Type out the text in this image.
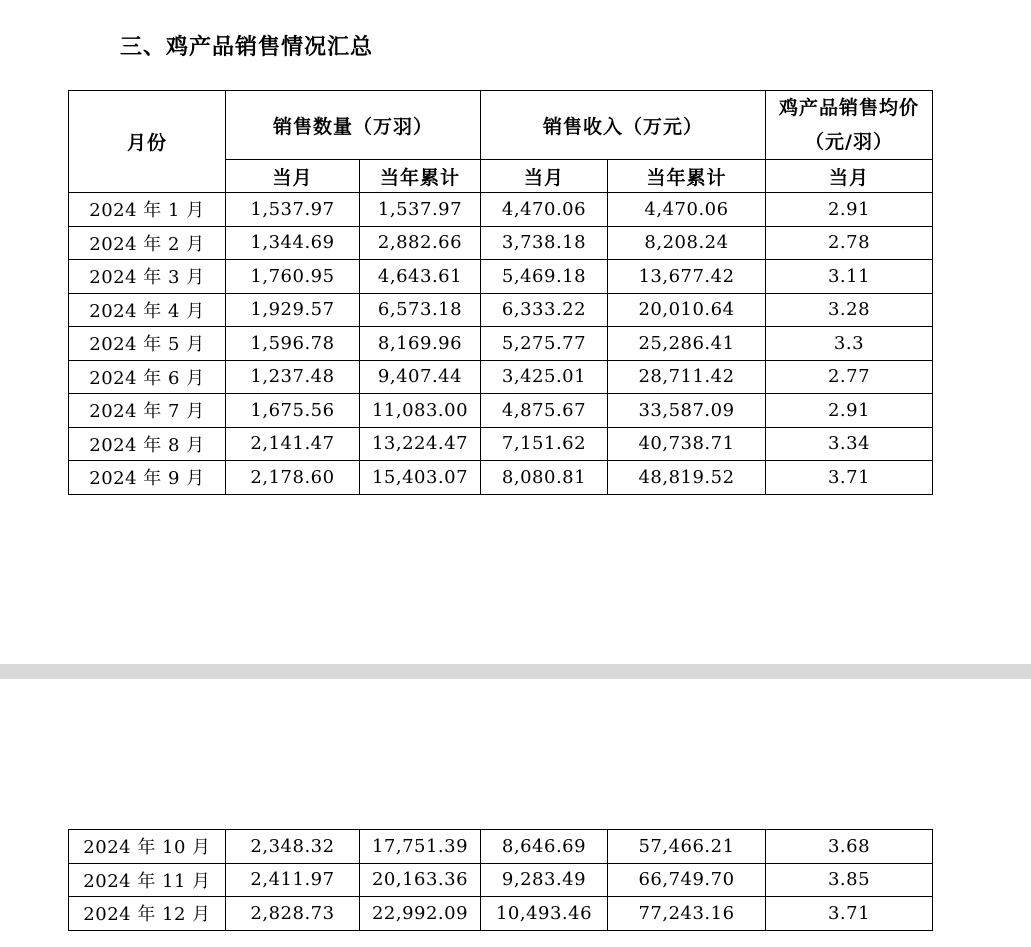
三、鸡产品销售情况汇总
月份	销售数量（万羽）		销售收入（万元）		鸡产品销售均价（元/羽）
	当月	当年累计	当月	当年累计	当月
2024 年 1 月	1,537.97	1,537.97	4,470.06	4,470.06	2.91
2024 年 2 月	1,344.69	2,882.66	3,738.18	8,208.24	2.78
2024 年 3 月	1,760.95	4,643.61	5,469.18	13,677.42	3.11
2024 年 4 月	1,929.57	6,573.18	6,333.22	20,010.64	3.28
2024 年 5 月	1,596.78	8,169.96	5,275.77	25,286.41	3.3
2024 年 6 月	1,237.48	9,407.44	3,425.01	28,711.42	2.77
2024 年 7 月	1,675.56	11,083.00	4,875.67	33,587.09	2.91
2024 年 8 月	2,141.47	13,224.47	7,151.62	40,738.71	3.34
2024 年 9 月	2,178.60	15,403.07	8,080.81	48,819.52	3.71
2024 年 10 月	2,348.32	17,751.39	8,646.69	57,466.21	3.68
2024 年 11 月	2,411.97	20,163.36	9,283.49	66,749.70	3.85
2024 年 12 月	2,828.73	22,992.09	10,493.46	77,243.16	3.71
